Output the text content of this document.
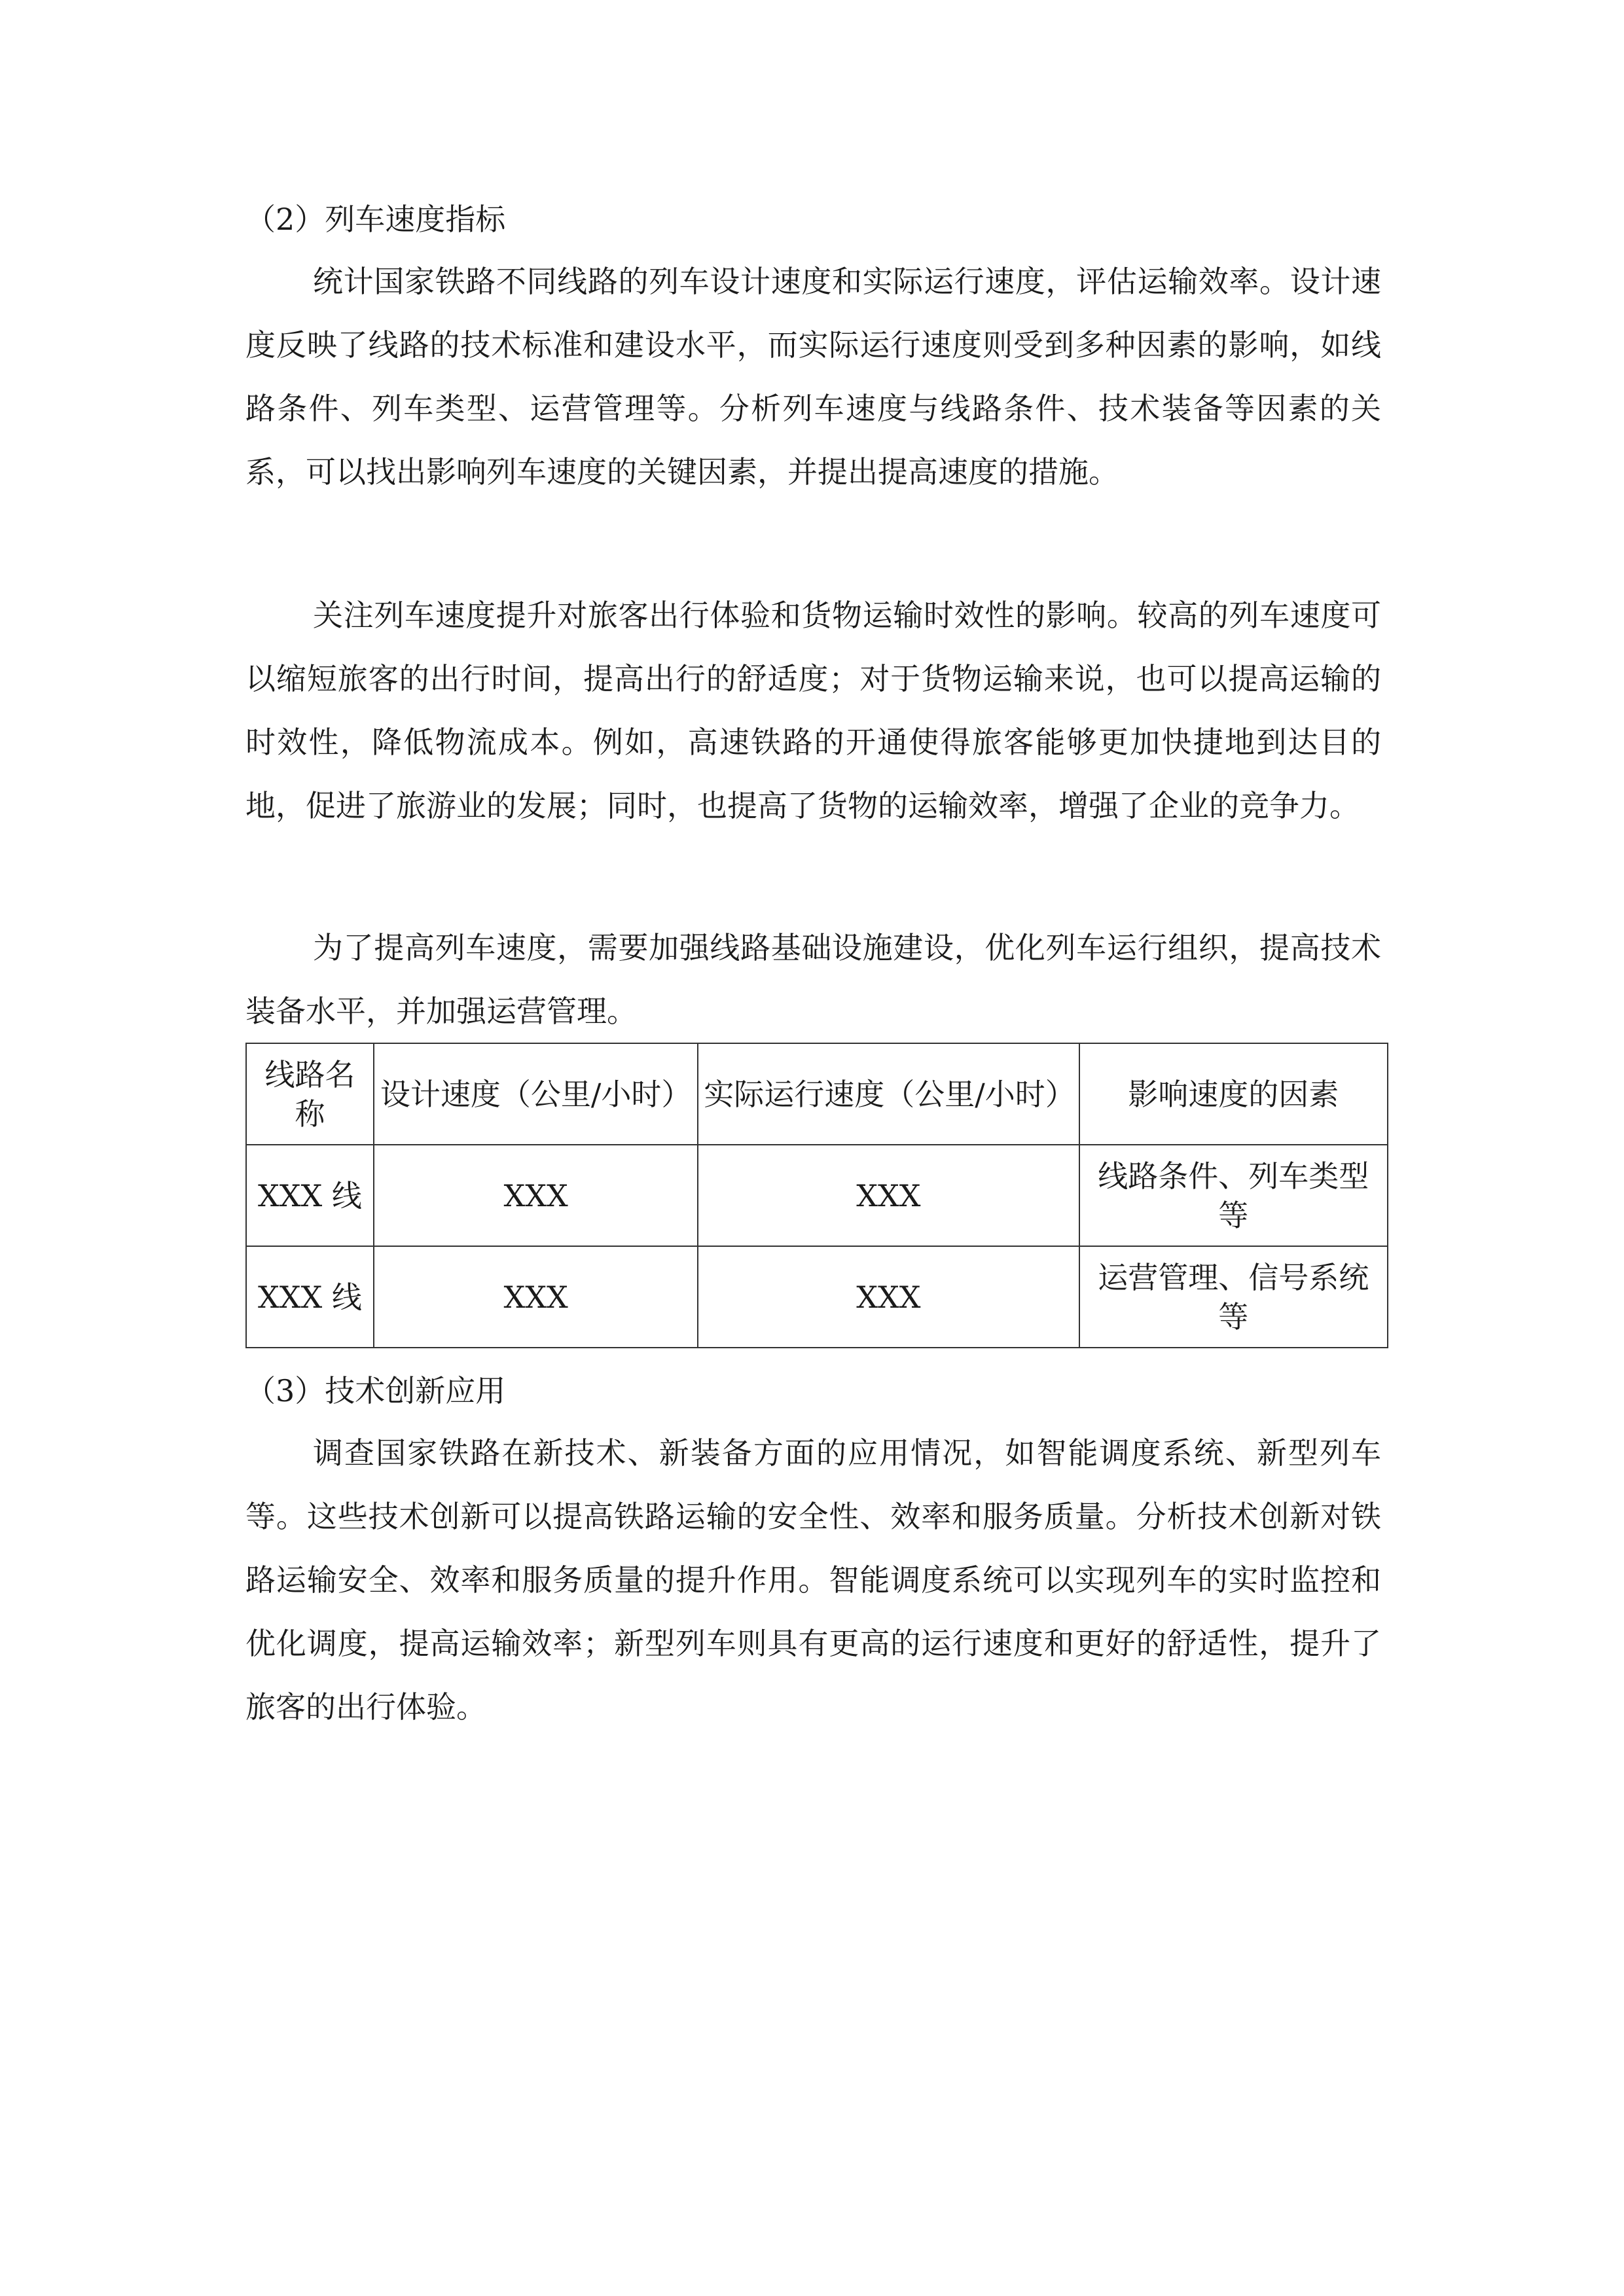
（2）列车速度指标

统计国家铁路不同线路的列车设计速度和实际运行速度，评估运输效率。设计速度反映了线路的技术标准和建设水平，而实际运行速度则受到多种因素的影响，如线路条件、列车类型、运营管理等。分析列车速度与线路条件、技术装备等因素的关系，可以找出影响列车速度的关键因素，并提出提高速度的措施。

关注列车速度提升对旅客出行体验和货物运输时效性的影响。较高的列车速度可以缩短旅客的出行时间，提高出行的舒适度；对于货物运输来说，也可以提高运输的时效性，降低物流成本。例如，高速铁路的开通使得旅客能够更加快捷地到达目的地，促进了旅游业的发展；同时，也提高了货物的运输效率，增强了企业的竞争力。

为了提高列车速度，需要加强线路基础设施建设，优化列车运行组织，提高技术装备水平，并加强运营管理。

线路名称	设计速度（公里/小时）	实际运行速度（公里/小时）	影响速度的因素
XXX 线	XXX	XXX	线路条件、列车类型等
XXX 线	XXX	XXX	运营管理、信号系统等
（3）技术创新应用

调查国家铁路在新技术、新装备方面的应用情况，如智能调度系统、新型列车等。这些技术创新可以提高铁路运输的安全性、效率和服务质量。分析技术创新对铁路运输安全、效率和服务质量的提升作用。智能调度系统可以实现列车的实时监控和优化调度，提高运输效率；新型列车则具有更高的运行速度和更好的舒适性，提升了旅客的出行体验。
